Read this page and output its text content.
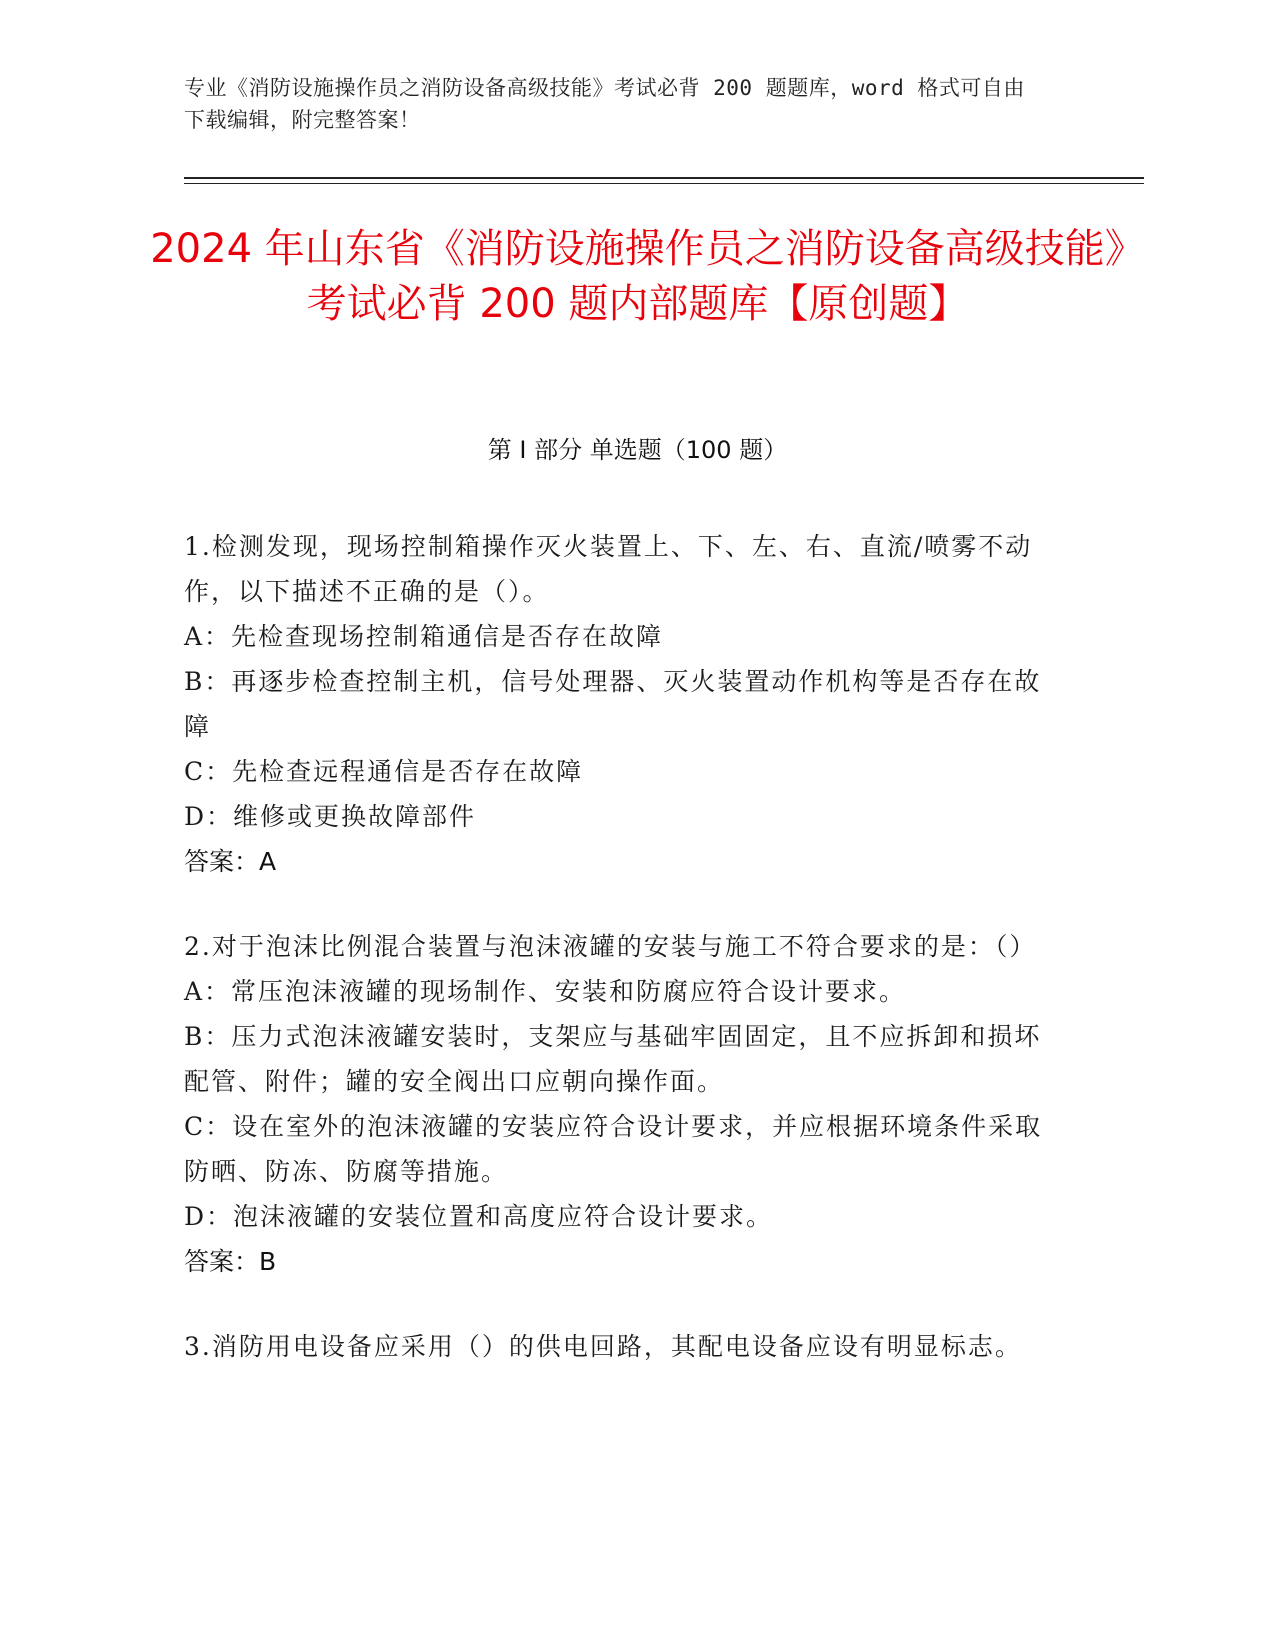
专业《消防设施操作员之消防设备高级技能》考试必背 200 题题库，word 格式可自由下载编辑，附完整答案！
2024 年山东省《消防设施操作员之消防设备高级技能》考试必背 200 题内部题库【原创题】
第 I 部分 单选题（100 题）

1.检测发现，现场控制箱操作灭火装置上、下、左、右、直流/喷雾不动作，以下描述不正确的是（）。

A：先检查现场控制箱通信是否存在故障

B：再逐步检查控制主机，信号处理器、灭火装置动作机构等是否存在故障

C：先检查远程通信是否存在故障

D：维修或更换故障部件

答案：A

2.对于泡沫比例混合装置与泡沫液罐的安装与施工不符合要求的是：（）

A：常压泡沫液罐的现场制作、安装和防腐应符合设计要求。

B：压力式泡沫液罐安装时，支架应与基础牢固固定，且不应拆卸和损坏配管、附件；罐的安全阀出口应朝向操作面。

C：设在室外的泡沫液罐的安装应符合设计要求，并应根据环境条件采取防晒、防冻、防腐等措施。

D：泡沫液罐的安装位置和高度应符合设计要求。

答案：B

3.消防用电设备应采用（）的供电回路，其配电设备应设有明显标志。
